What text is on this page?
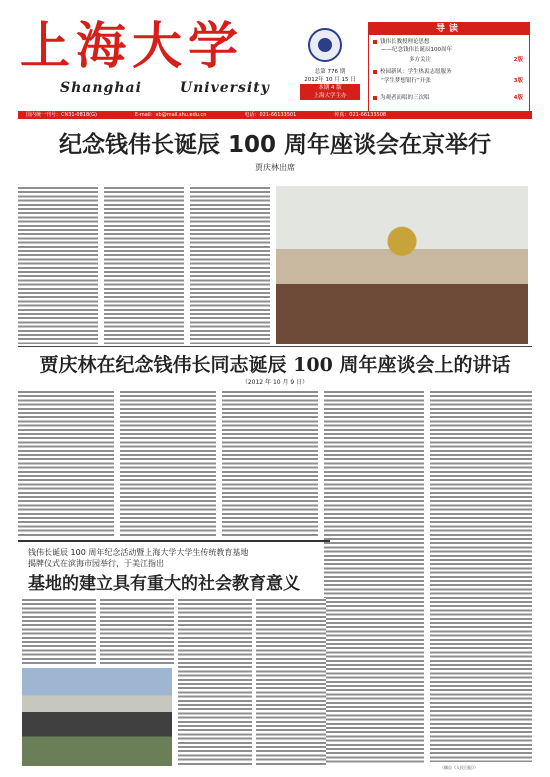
上海大学
Shanghai	University
总第 776 期
2012年 10 月 15 日
本期 4 版
上海大学主办
导读
钱伟长教授理论思想
——纪念钱伟长诞辰100周年
多方关注	2版
校园新风：学生热衷志愿服务
“学生梦想银行”开张	3版
为观者而唱的三次唱	4版
国内统一刊号：CN31-0818(G)	E-mail：xb@mail.shu.edu.cn	电话：021-66133501	传真：021-66133508
纪念钱伟长诞辰 100 周年座谈会在京举行
贾庆林出席
贾庆林在纪念钱伟长同志诞辰 100 周年座谈会上的讲话
（2012 年 10 月 9 日）
钱伟长诞辰 100 周年纪念活动暨上海大学大学生传统教育基地
揭牌仪式在滨海市园举行，于美江指出
基地的建立具有重大的社会教育意义
（摘自《人民日报》）
